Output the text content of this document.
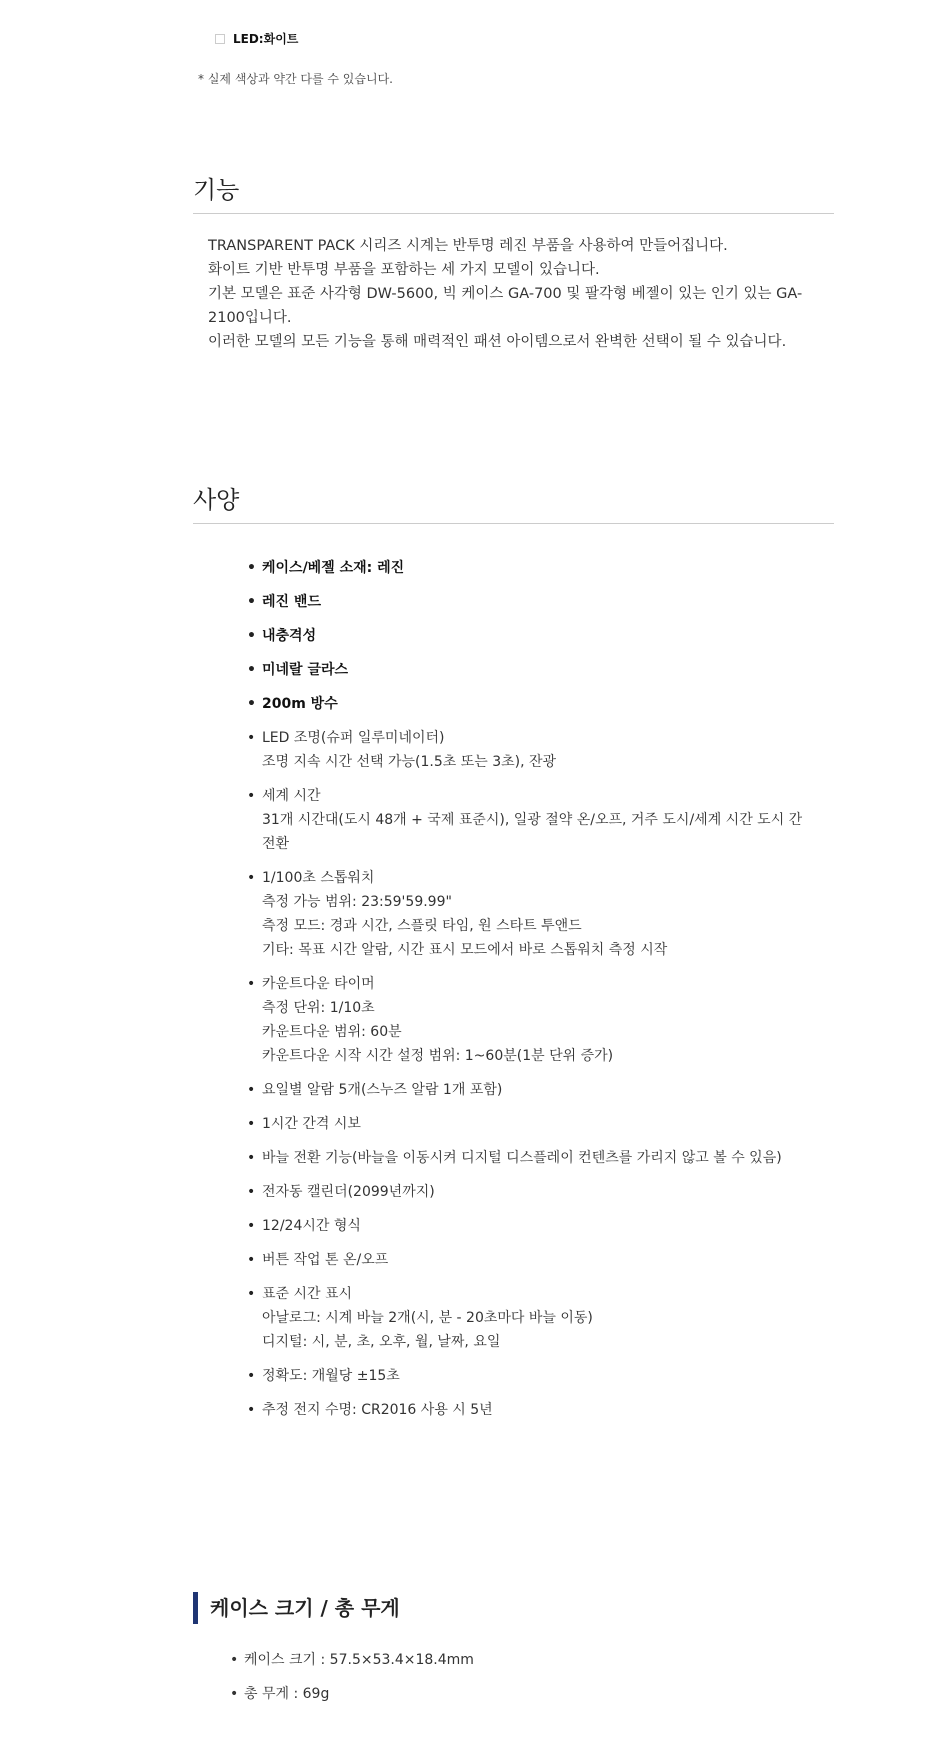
LED:화이트
* 실제 색상과 약간 다를 수 있습니다.
기능

TRANSPARENT PACK 시리즈 시계는 반투명 레진 부품을 사용하여 만들어집니다.

화이트 기반 반투명 부품을 포함하는 세 가지 모델이 있습니다.

기본 모델은 표준 사각형 DW-5600, 빅 케이스 GA-700 및 팔각형 베젤이 있는 인기 있는 GA-2100입니다.

이러한 모델의 모든 기능을 통해 매력적인 패션 아이템으로서 완벽한 선택이 될 수 있습니다.

사양
• 케이스/베젤 소재: 레진
• 레진 밴드
• 내충격성
• 미네랄 글라스
• 200m 방수
• LED 조명(슈퍼 일루미네이터)
조명 지속 시간 선택 가능(1.5초 또는 3초), 잔광
• 세계 시간
31개 시간대(도시 48개 + 국제 표준시), 일광 절약 온/오프, 거주 도시/세계 시간 도시 간 전환
• 1/100초 스톱워치
측정 가능 범위: 23:59'59.99"
측정 모드: 경과 시간, 스플릿 타임, 원 스타트 투앤드
기타: 목표 시간 알람, 시간 표시 모드에서 바로 스톱워치 측정 시작
• 카운트다운 타이머
측정 단위: 1/10초
카운트다운 범위: 60분
카운트다운 시작 시간 설정 범위: 1~60분(1분 단위 증가)
• 요일별 알람 5개(스누즈 알람 1개 포함)
• 1시간 간격 시보
• 바늘 전환 기능(바늘을 이동시켜 디지털 디스플레이 컨텐츠를 가리지 않고 볼 수 있음)
• 전자동 캘린더(2099년까지)
• 12/24시간 형식
• 버튼 작업 톤 온/오프
• 표준 시간 표시
아날로그: 시계 바늘 2개(시, 분 - 20초마다 바늘 이동)
디지털: 시, 분, 초, 오후, 월, 날짜, 요일
• 정확도: 개월당 ±15초
• 추정 전지 수명: CR2016 사용 시 5년
케이스 크기 / 총 무게
• 케이스 크기 : 57.5×53.4×18.4mm
• 총 무게 : 69g
